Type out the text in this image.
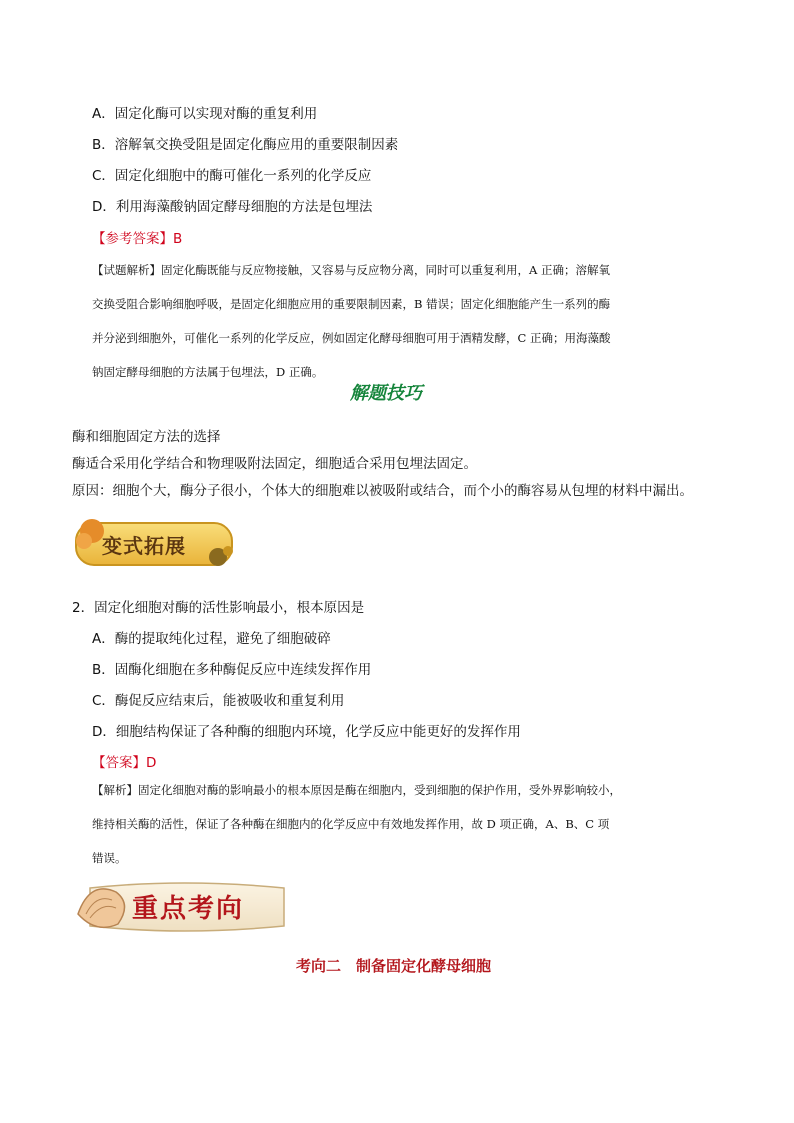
A．固定化酶可以实现对酶的重复利用
B．溶解氧交换受阻是固定化酶应用的重要限制因素
C．固定化细胞中的酶可催化一系列的化学反应
D．利用海藻酸钠固定酵母细胞的方法是包埋法
【参考答案】B

【试题解析】固定化酶既能与反应物接触，又容易与反应物分离，同时可以重复利用，A 正确；溶解氧

交换受阻合影响细胞呼吸，是固定化细胞应用的重要限制因素，B 错误；固定化细胞能产生一系列的酶

并分泌到细胞外，可催化一系列的化学反应，例如固定化酵母细胞可用于酒精发酵，C 正确；用海藻酸

钠固定酵母细胞的方法属于包埋法，D 正确。

解题技巧
酶和细胞固定方法的选择
酶适合采用化学结合和物理吸附法固定，细胞适合采用包埋法固定。
原因：细胞个大，酶分子很小，个体大的细胞难以被吸附或结合，而个小的酶容易从包埋的材料中漏出。
变式拓展
2．固定化细胞对酶的活性影响最小，根本原因是
A．酶的提取纯化过程，避免了细胞破碎
B．固酶化细胞在多种酶促反应中连续发挥作用
C．酶促反应结束后，能被吸收和重复利用
D．细胞结构保证了各种酶的细胞内环境，化学反应中能更好的发挥作用
【答案】D

【解析】固定化细胞对酶的影响最小的根本原因是酶在细胞内，受到细胞的保护作用，受外界影响较小，

维持相关酶的活性，保证了各种酶在细胞内的化学反应中有效地发挥作用，故 D 项正确，A、B、C 项

错误。

重点考向
考向二　制备固定化酵母细胞
